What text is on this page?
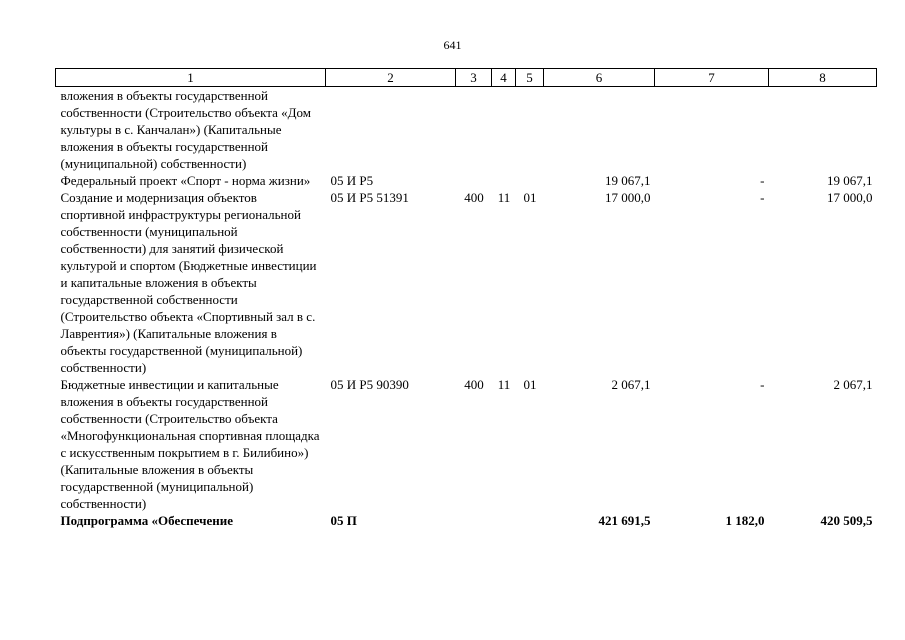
641
1	2	3	4	5	6	7	8
вложения в объекты государственной собственности (Строительство объекта «Дом культуры в с. Канчалан») (Капитальные вложения в объекты государственной (муниципальной) собственности)							
Федеральный проект «Спорт - норма жизни»	05 И P5				19 067,1	-	19 067,1
Создание и модернизация объектов спортивной инфраструктуры региональной собственности (муниципальной собственности) для занятий физической культурой и спортом (Бюджетные инвестиции и капитальные вложения в объекты государственной собственности (Строительство объекта «Спортивный зал в с. Лаврентия») (Капитальные вложения в объекты государственной (муниципальной) собственности)	05 И P5 51391	400	11	01	17 000,0	-	17 000,0
Бюджетные инвестиции и капитальные вложения в объекты государственной собственности (Строительство объекта «Многофункциональная спортивная площадка с искусственным покрытием в г. Билибино») (Капитальные вложения в объекты государственной (муниципальной) собственности)	05 И P5 90390	400	11	01	2 067,1	-	2 067,1
Подпрограмма «Обеспечение	05 П				421 691,5	1 182,0	420 509,5
